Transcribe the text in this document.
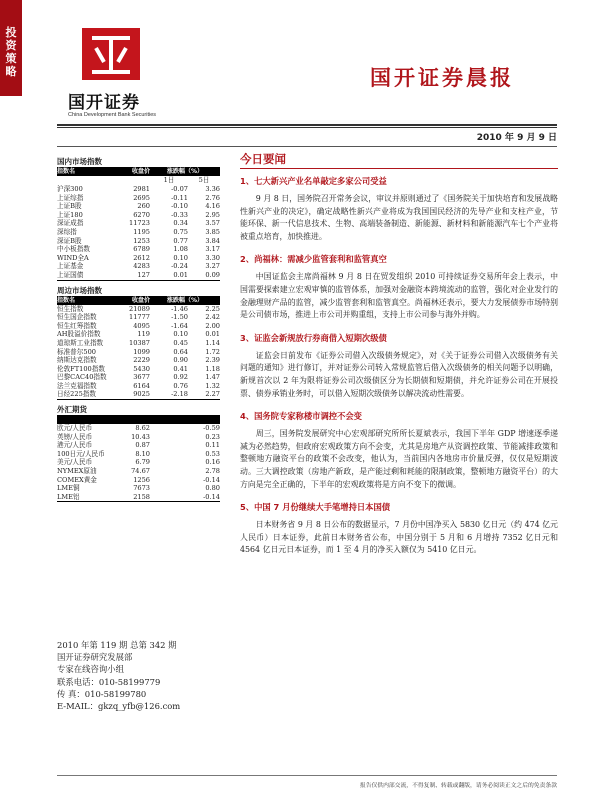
投
资
策
略
国开证券
China Development Bank Securities
国开证券晨报
2010 年 9 月 9 日
国内市场指数
指数名	收盘价	涨跌幅（%）
1日	5日
沪深300	2981	-0.07	3.36
上证综指	2695	-0.11	2.76
上证B股	260	-0.10	4.16
上证180	6270	-0.33	2.95
深证成指	11723	0.34	3.57
深综指	1195	0.75	3.85
深证B股	1253	0.77	3.84
中小板指数	6789	1.08	3.17
WIND全A	2612	0.10	3.30
上证基金	4283	-0.24	3.27
上证国债	127	0.01	0.09
周边市场指数
指数名	收盘价	涨跌幅（%）
恒生指数	21089	-1.46	2.25
恒生国企指数	11777	-1.50	2.42
恒生红筹指数	4095	-1.64	2.00
AH股溢价指数	119	0.10	0.01
道琼斯工业指数	10387	0.45	1.14
标准普尔500	1099	0.64	1.72
纳斯达克指数	2229	0.90	2.39
伦敦FT100指数	5430	0.41	1.18
巴黎CAC40指数	3677	0.92	1.47
法兰克福指数	6164	0.76	1.32
日经225指数	9025	-2.18	2.27
外汇期货
欧元/人民币	8.62	-0.59
英镑/人民币	10.43	0.23
港元/人民币	0.87	0.11
100日元/人民币	8.10	0.53
美元/人民币	6.79	0.16
NYMEX原油	74.67	2.78
COMEX黄金	1256	-0.14
LME铜	7673	0.80
LME铝	2158	-0.14
2010 年第 119 期 总第 342 期
国开证券研究发展部
专家在线咨询小组
联系电话：010-58199779
传 真：010-58199780
E-MAIL：gkzq_yfb@126.com
今日要闻
1、七大新兴产业名单敲定多家公司受益
9 月 8 日，国务院召开常务会议，审议并原则通过了《国务院关于加快培育和发展战略性新兴产业的决定》，确定战略性新兴产业将成为我国国民经济的先导产业和支柱产业，节能环保、新一代信息技术、生物、高端装备制造、新能源、新材料和新能源汽车七个产业将被重点培育，加快推进。
2、尚福林：需减少监管套利和监管真空
中国证监会主席尚福林 9 月 8 日在贸发组织 2010 可持续证券交易所年会上表示，中国需要探索建立宏观审慎的监管体系，加强对金融资本跨境流动的监管，强化对企业发行的金融理财产品的监管，减少监管套利和监管真空。尚福林还表示，要大力发展债券市场特别是公司债市场，推进上市公司并购重组，支持上市公司参与海外并购。
3、证监会新规放行券商借入短期次级债
证监会日前发布《证券公司借入次级债务规定》，对《关于证券公司借入次级债务有关问题的通知》进行修订，并对证券公司转入常规监管后借入次级债务的相关问题予以明确，新规首次以 2 年为限将证券公司次级债区分为长期债和短期债，并允许证券公司在开展投票、债券承销业务时，可以借入短期次级债务以解决流动性需要。
4、国务院专家称楼市调控不会变
周三，国务院发展研究中心宏观部研究所所长夏斌表示，我国下半年 GDP 增速逐季递减为必然趋势，但政府宏观政策方向不会变，尤其是房地产从资调控政策、节能减排政策和整顿地方融资平台的政策不会改变，他认为，当前国内各地房市价量反弹，仅仅是短期波动。三大调控政策（房地产新政，是产能过剩和耗能的限制政策，整顿地方融资平台）的大方向是完全正确的，下半年的宏观政策将是方向不变下的微调。
5、中国 7 月份继续大手笔增持日本国债
日本财务省 9 月 8 日公布的数据显示，7 月份中国净买入 5830 亿日元（约 474 亿元人民币）日本证券，此前日本财务省公布，中国分别于 5 月和 6 月增持 7352 亿日元和 4564 亿日元日本证券，而 1 至 4 月的净买入额仅为 5410 亿日元。
报告仅供内部交流，不得复制、转载或翻版，请务必阅读正文之后的免责条款
